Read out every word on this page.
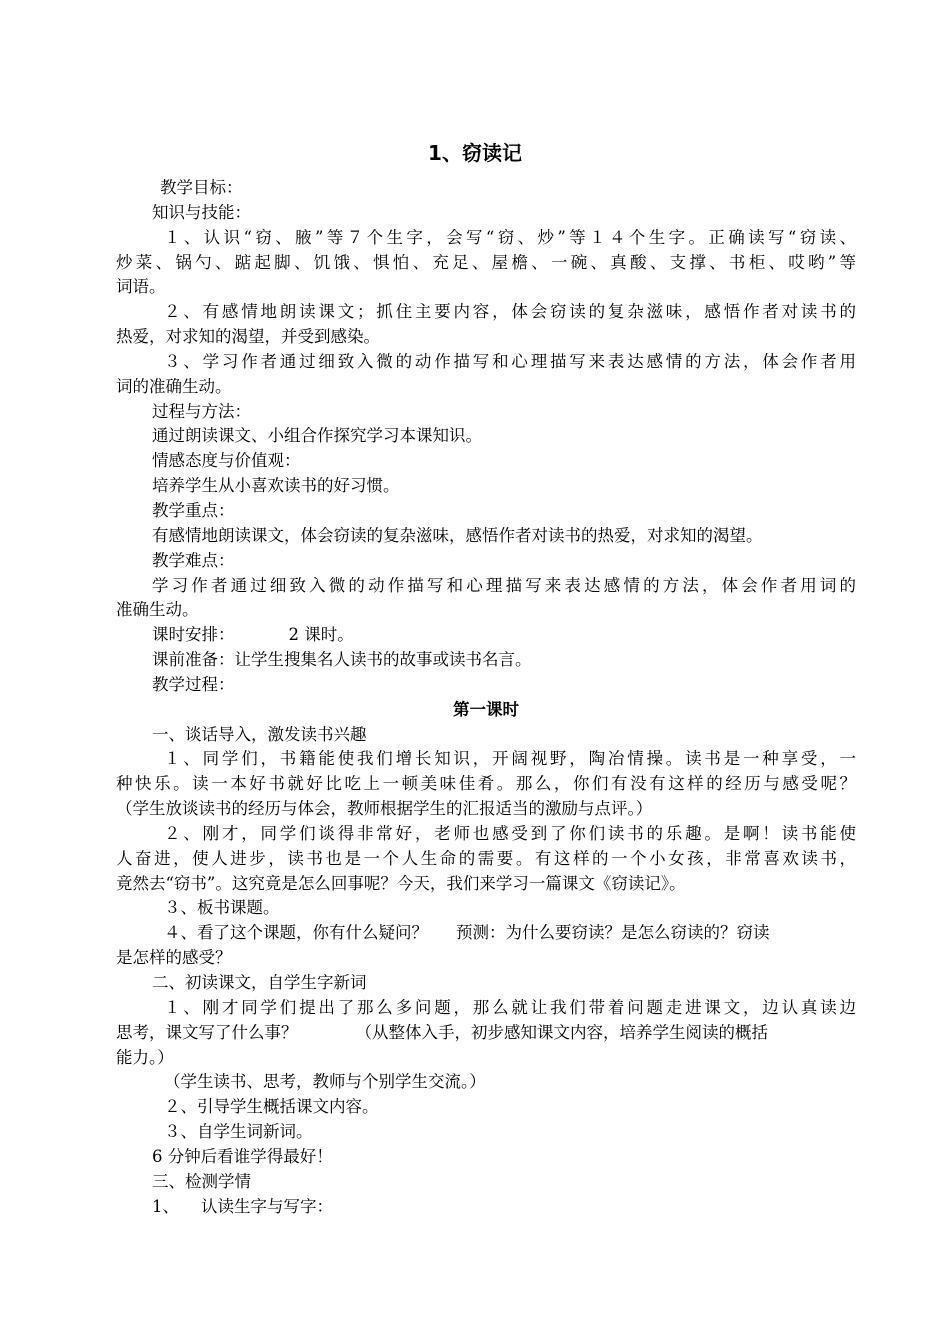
1、窃读记
教学目标：
知识与技能：
１、认识“窃、腋”等７个生字，会写“窃、炒”等１４个生字。正确读写“窃读、
炒菜、锅勺、踮起脚、饥饿、惧怕、充足、屋檐、一碗、真酸、支撑、书柜、哎哟”等
词语。
２、有感情地朗读课文；抓住主要内容，体会窃读的复杂滋味，感悟作者对读书的
热爱，对求知的渴望，并受到感染。
３、学习作者通过细致入微的动作描写和心理描写来表达感情的方法，体会作者用
词的准确生动。
过程与方法：
通过朗读课文、小组合作探究学习本课知识。
情感态度与价值观：
培养学生从小喜欢读书的好习惯。
教学重点：
有感情地朗读课文，体会窃读的复杂滋味，感悟作者对读书的热爱，对求知的渴望。
教学难点：
学习作者通过细致入微的动作描写和心理描写来表达感情的方法，体会作者用词的
准确生动。
课时安排：	2 课时。
课前准备：让学生搜集名人读书的故事或读书名言。
教学过程：
第一课时
一、谈话导入，激发读书兴趣
１、同学们，书籍能使我们增长知识，开阔视野，陶冶情操。读书是一种享受，一
种快乐。读一本好书就好比吃上一顿美味佳肴。那么，你们有没有这样的经历与感受呢？
（学生放谈读书的经历与体会，教师根据学生的汇报适当的激励与点评。）
２、刚才，同学们谈得非常好，老师也感受到了你们读书的乐趣。是啊！读书能使
人奋进，使人进步，读书也是一个人生命的需要。有这样的一个小女孩，非常喜欢读书，
竟然去“窃书”。这究竟是怎么回事呢？今天，我们来学习一篇课文《窃读记》。
３、板书课题。
４、看了这个课题，你有什么疑问？ 预测：为什么要窃读？是怎么窃读的？窃读
是怎样的感受？
二、初读课文，自学生字新词
１、刚才同学们提出了那么多问题，那么就让我们带着问题走进课文，边认真读边
思考，课文写了什么事？	（从整体入手，初步感知课文内容，培养学生阅读的概括
能力。）
（学生读书、思考，教师与个别学生交流。）
２、引导学生概括课文内容。
３、自学生词新词。
6 分钟后看谁学得最好！
三、检测学情
1、 认读生字与写字：
